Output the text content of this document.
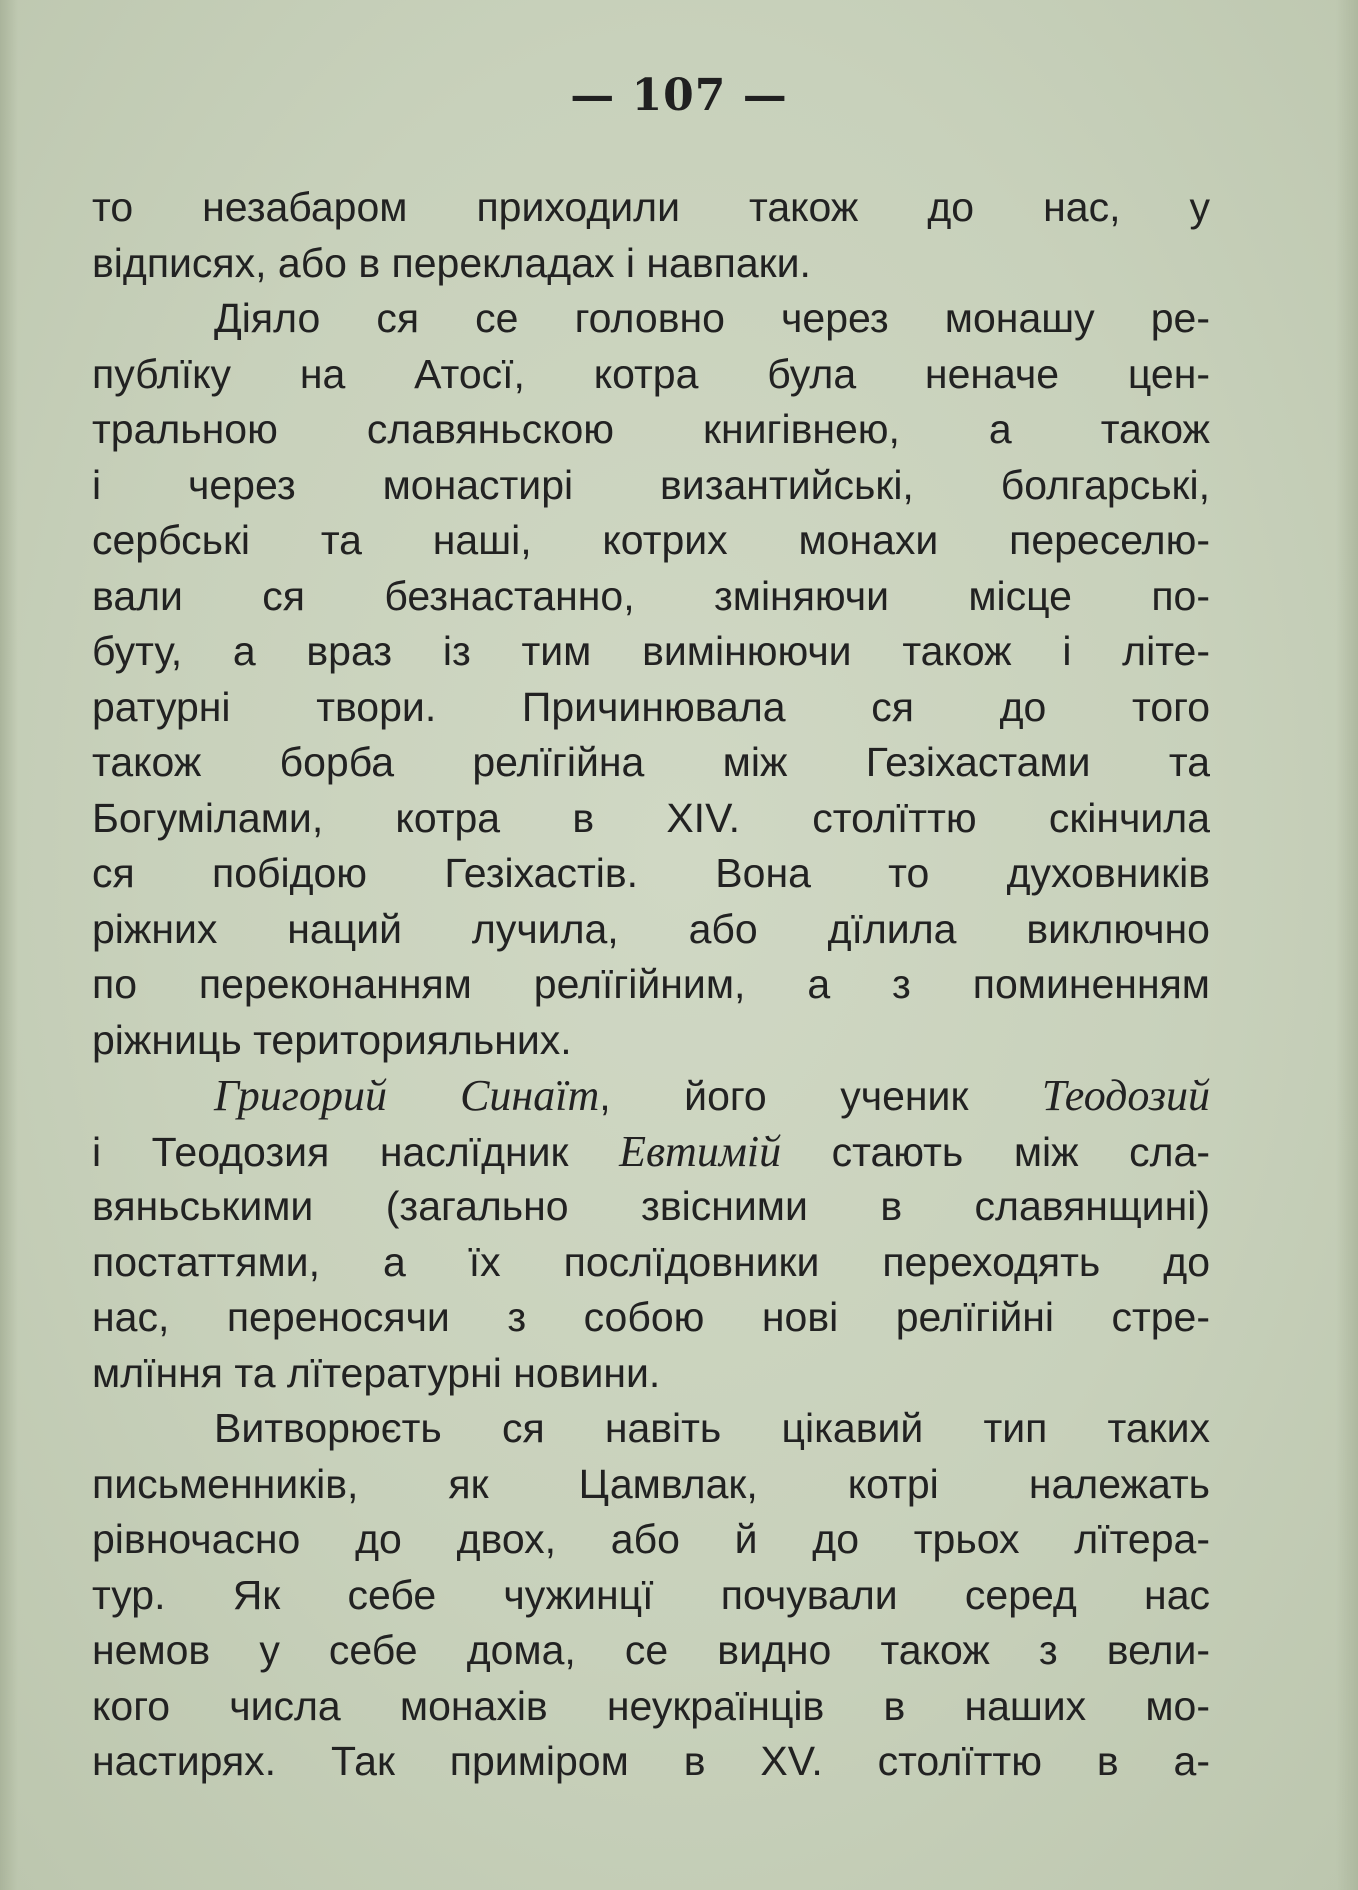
— 107 —
то незабаром приходили також до нас, у
відписях, або в перекладах і навпаки.
Діяло ся се головно через монашу ре-
публїку на Атосї, котра була неначе цен-
тральною славяньскою книгівнею, а також
і через монастирі византийські, болгарські,
сербські та наші, котрих монахи переселю-
вали ся безнастанно, зміняючи місце по-
буту, а враз із тим вимінюючи також і літе-
ратурні твори. Причинювала ся до того
також борба релїгійна між Гезіхастами та
Богумілами, котра в XIV. столїттю скінчила
ся побідою Гезіхастів. Вона то духовників
ріжних наций лучила, або дїлила виключно
по переконанням релїгійним, а з поминенням
ріжниць територияльних.
Григорий Синаїт, його ученик Теодозий
і Теодозия наслїдник Евтимій стають між сла-
вяньськими (загально звісними в славянщині)
постаттями, а їх послїдовники переходять до
нас, переносячи з собою нові релїгійні стре-
млїння та лїтературні новини.
Витворюєть ся навіть цікавий тип таких
письменників, як Цамвлак, котрі належать
рівночасно до двох, або й до трьох лїтера-
тур. Як себе чужинцї почували серед нас
немов у себе дома, се видно також з вели-
кого числа монахів неукраїнців в наших мо-
настирях. Так приміром в XV. столїттю в а-
